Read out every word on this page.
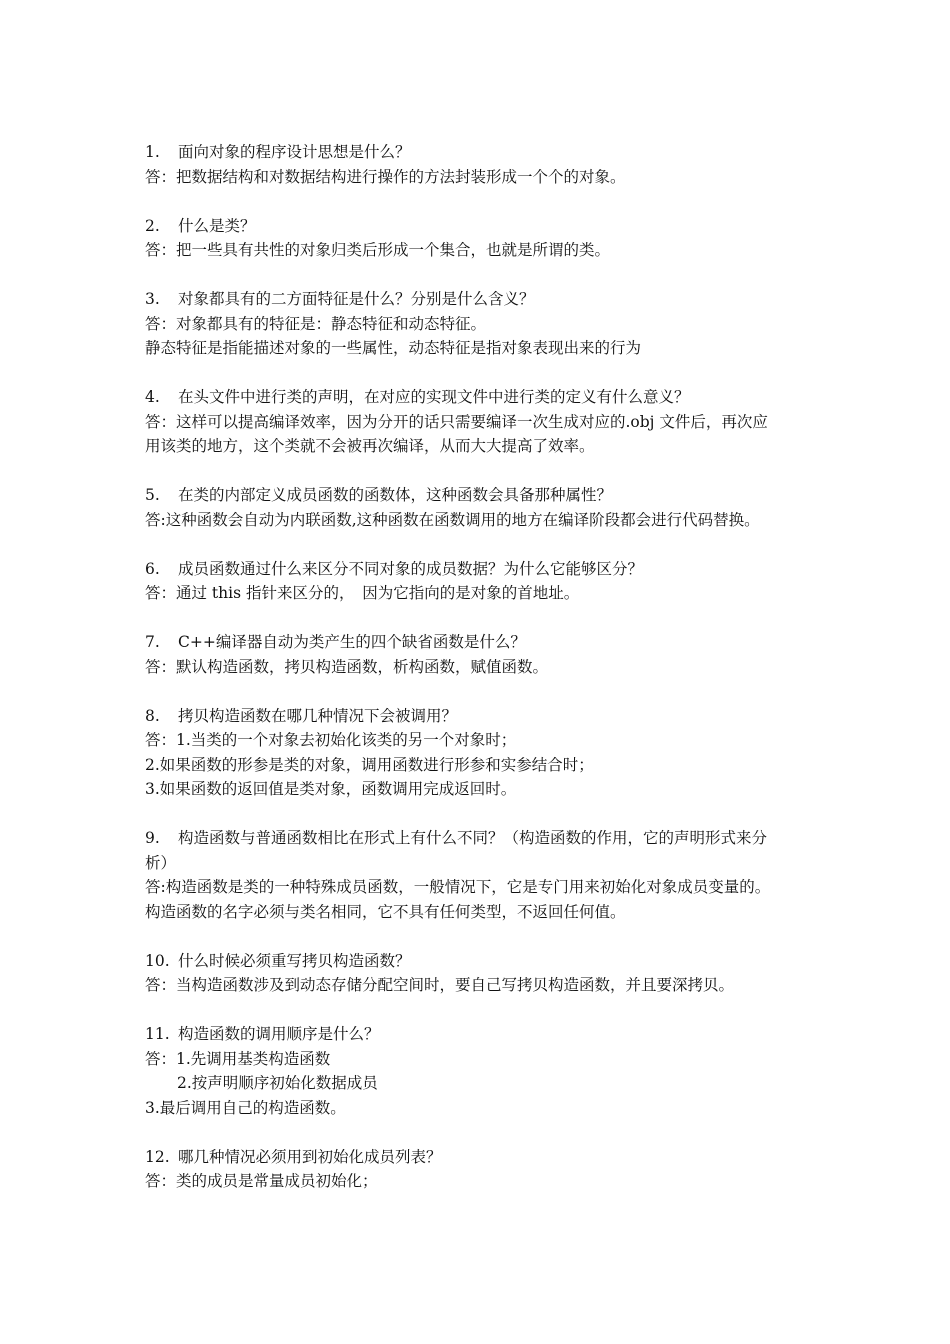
1. 面向对象的程序设计思想是什么？
答：把数据结构和对数据结构进行操作的方法封装形成一个个的对象。
2. 什么是类？
答：把一些具有共性的对象归类后形成一个集合，也就是所谓的类。
3. 对象都具有的二方面特征是什么？分别是什么含义？
答：对象都具有的特征是：静态特征和动态特征。
静态特征是指能描述对象的一些属性，动态特征是指对象表现出来的行为
4. 在头文件中进行类的声明，在对应的实现文件中进行类的定义有什么意义？
答：这样可以提高编译效率，因为分开的话只需要编译一次生成对应的.obj 文件后，再次应
用该类的地方，这个类就不会被再次编译，从而大大提高了效率。
5. 在类的内部定义成员函数的函数体，这种函数会具备那种属性？
答:这种函数会自动为内联函数,这种函数在函数调用的地方在编译阶段都会进行代码替换。
6. 成员函数通过什么来区分不同对象的成员数据？为什么它能够区分？
答：通过 this 指针来区分的，　因为它指向的是对象的首地址。
7. C++编译器自动为类产生的四个缺省函数是什么？
答：默认构造函数，拷贝构造函数，析构函数，赋值函数。
8. 拷贝构造函数在哪几种情况下会被调用？
答：1.当类的一个对象去初始化该类的另一个对象时；
2.如果函数的形参是类的对象，调用函数进行形参和实参结合时；
3.如果函数的返回值是类对象，函数调用完成返回时。
9. 构造函数与普通函数相比在形式上有什么不同？（构造函数的作用，它的声明形式来分
析）
答:构造函数是类的一种特殊成员函数，一般情况下，它是专门用来初始化对象成员变量的。
构造函数的名字必须与类名相同，它不具有任何类型，不返回任何值。
10. 什么时候必须重写拷贝构造函数？
答：当构造函数涉及到动态存储分配空间时，要自己写拷贝构造函数，并且要深拷贝。
11. 构造函数的调用顺序是什么？
答：1.先调用基类构造函数
2.按声明顺序初始化数据成员
3.最后调用自己的构造函数。
12. 哪几种情况必须用到初始化成员列表？
答：类的成员是常量成员初始化；
